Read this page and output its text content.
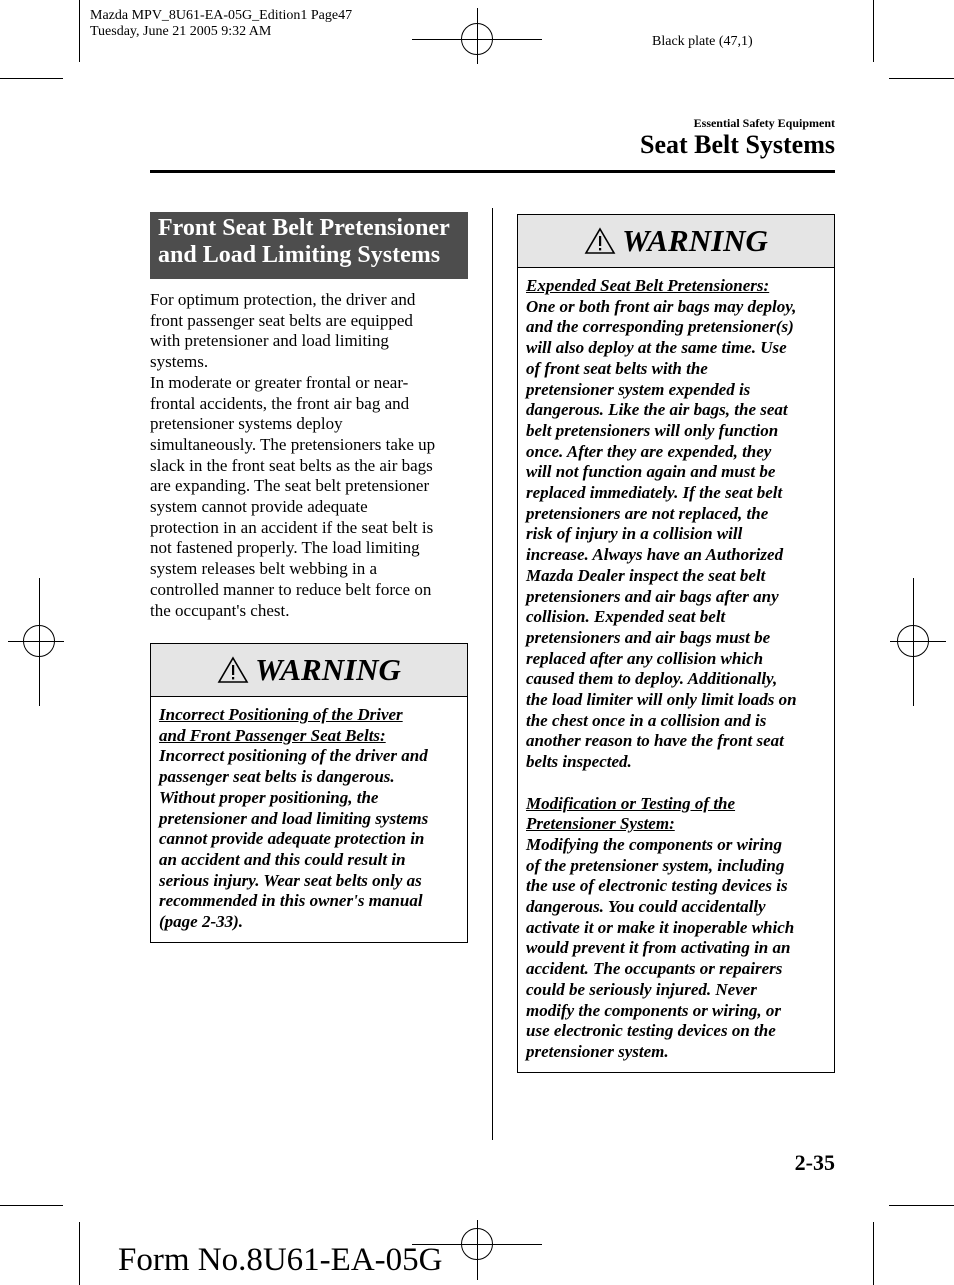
Mazda MPV_8U61-EA-05G_Edition1 Page47
Tuesday, June 21 2005 9:32 AM
Black plate (47,1)
Essential Safety Equipment
Seat Belt Systems
Front Seat Belt Pretensioner
and Load Limiting Systems
For optimum protection, the driver and
front passenger seat belts are equipped
with pretensioner and load limiting
systems.
In moderate or greater frontal or near-
frontal accidents, the front air bag and
pretensioner systems deploy
simultaneously. The pretensioners take up
slack in the front seat belts as the air bags
are expanding. The seat belt pretensioner
system cannot provide adequate
protection in an accident if the seat belt is
not fastened properly. The load limiting
system releases belt webbing in a
controlled manner to reduce belt force on
the occupant's chest.
WARNING
Incorrect Positioning of the Driver
and Front Passenger Seat Belts:
Incorrect positioning of the driver and
passenger seat belts is dangerous.
Without proper positioning, the
pretensioner and load limiting systems
cannot provide adequate protection in
an accident and this could result in
serious injury. Wear seat belts only as
recommended in this owner's manual
(page 2-33).
WARNING
Expended Seat Belt Pretensioners:
One or both front air bags may deploy,
and the corresponding pretensioner(s)
will also deploy at the same time. Use
of front seat belts with the
pretensioner system expended is
dangerous. Like the air bags, the seat
belt pretensioners will only function
once. After they are expended, they
will not function again and must be
replaced immediately. If the seat belt
pretensioners are not replaced, the
risk of injury in a collision will
increase. Always have an Authorized
Mazda Dealer inspect the seat belt
pretensioners and air bags after any
collision. Expended seat belt
pretensioners and air bags must be
replaced after any collision which
caused them to deploy. Additionally,
the load limiter will only limit loads on
the chest once in a collision and is
another reason to have the front seat
belts inspected.
Modification or Testing of the
Pretensioner System:
Modifying the components or wiring
of the pretensioner system, including
the use of electronic testing devices is
dangerous. You could accidentally
activate it or make it inoperable which
would prevent it from activating in an
accident. The occupants or repairers
could be seriously injured. Never
modify the components or wiring, or
use electronic testing devices on the
pretensioner system.
2-35
Form No.8U61-EA-05G
